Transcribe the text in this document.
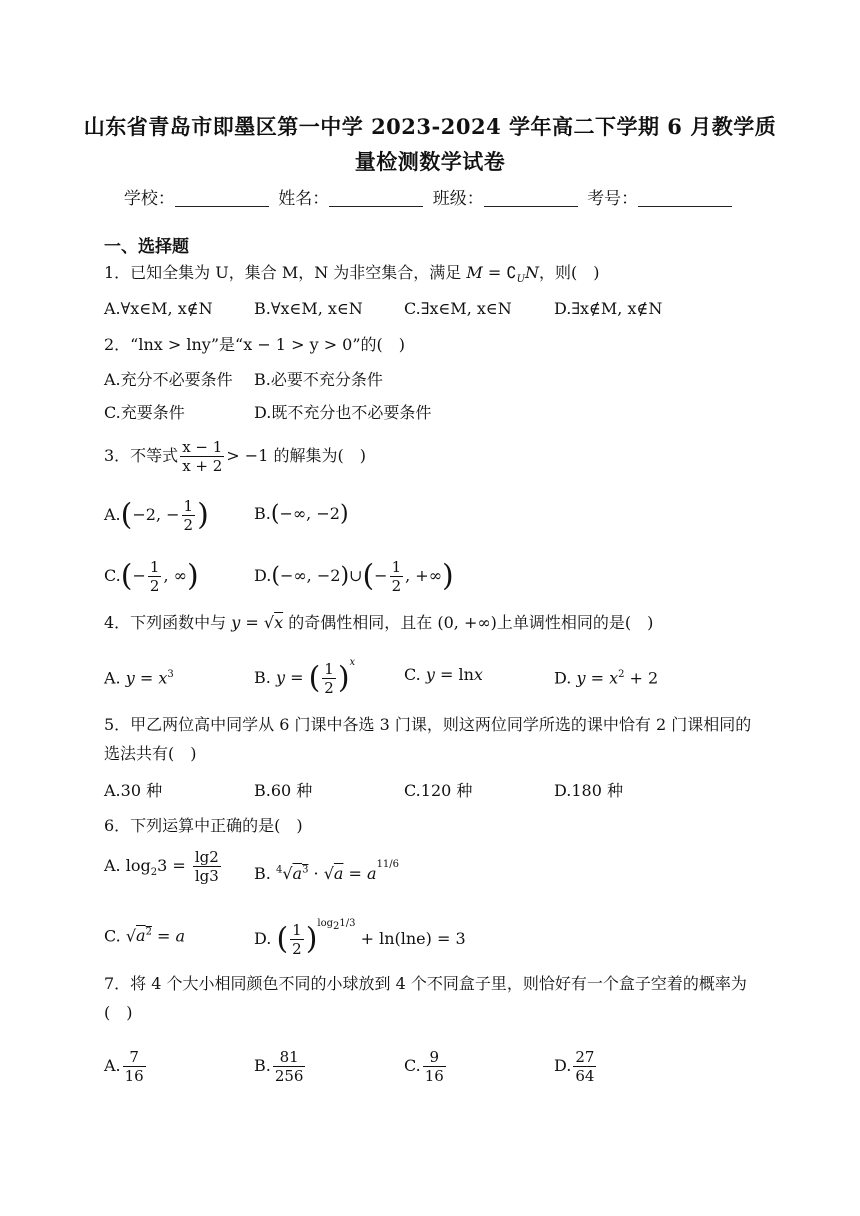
山东省青岛市即墨区第一中学 2023-2024 学年高二下学期 6 月教学质
量检测数学试卷
学校：	姓名：	班级：	考号：
一、选择题
1．已知全集为 U，集合 M，N 为非空集合，满足 $M = ∁_UN$，则(　)
A.∀x∈M, x∉N	B.∀x∈M, x∈N	C.∃x∈M, x∈N	D.∃x∉M, x∉N
2．“lnx > lny”是“x − 1 > y > 0”的(　)
A.充分不必要条件 B.必要不充分条件
C.充要条件	D.既不充分也不必要条件
3．不等式 $\frac{x - 1}{x + 2} > -1$ 的解集为(　)
A.(−2, − $\frac{1}{2}$ )	B.(−∞, −2)
$C.(- \frac{1}{2}$ , ∞)	D.(−∞, −2)∪(− $\frac{1}{2}$ , +∞)
4．下列函数中与 y = √x 的奇偶性相同，且在 (0, +∞)上单调性相同的是(　)
A. $y = x^3$	B. y = ( $\frac{1}{2} )^x$
C. y = lnx	D. $y = x^2 + 2$
5．甲乙两位高中同学从 6 门课中各选 3 门课，则这两位同学所选的课中恰有 2 门课相同的选法共有(　)
A.30 种	B.60 种	C.120 种	D.180 种
6．下列运算中正确的是(　)
A. $\log_23 = \frac{\lg 2}{\lg 3} B$. $^4√a^3 \cdot √a = a^{11/6}$
C. $√a^2 = a$	D. ( $\frac{1}{2} )^{log_21/3} + \ln(\ln e) = 3$
7．将 4 个大小相同颜色不同的小球放到 4 个不同盒子里，则恰好有一个盒子空着的概率为(　)
A. $\frac{7}{16}$	B. $\frac{81}{256}$	C. $\frac{9}{16}$	D. $\frac{27}{64}$
